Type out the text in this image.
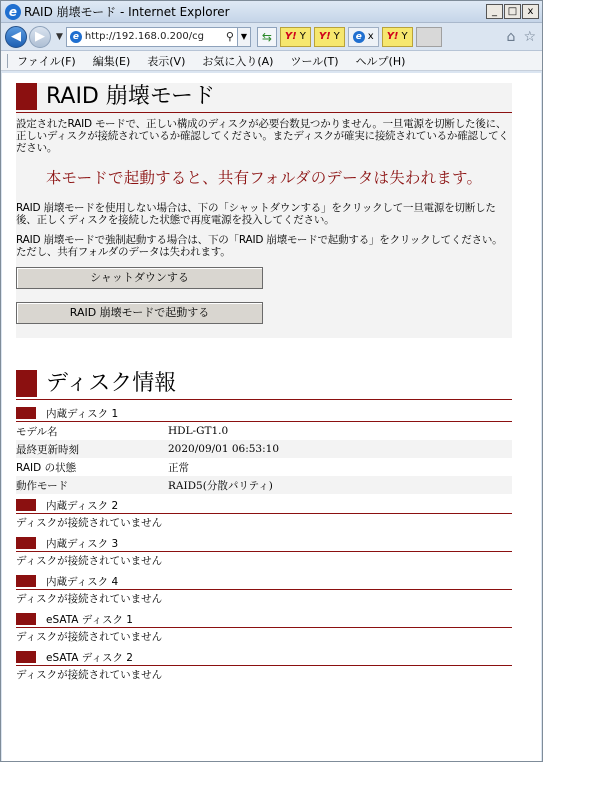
e RAID 崩壊モード - Internet Explorer	_	□	x
◀	▶	▼	e http://192.168.0.200/cg	⚲ ▼	⇆	Y! Y Y! Y	e x Y! Y	⌂ ☆
ファイル(F) 編集(E) 表示(V) お気に入り(A) ツール(T) ヘルプ(H)
RAID 崩壊モード

設定されたRAID モードで、正しい構成のディスクが必要台数見つかりません。一旦電源を切断した後に、正しいディスクが接続されているか確認してください。またディスクが確実に接続されているか確認してください。

本モードで起動すると、共有フォルダのデータは失われます。

RAID 崩壊モードを使用しない場合は、下の「シャットダウンする」をクリックして一旦電源を切断した後、正しくディスクを接続した状態で再度電源を投入してください。

RAID 崩壊モードで強制起動する場合は、下の「RAID 崩壊モードで起動する」をクリックしてください。ただし、共有フォルダのデータは失われます。

シャットダウンする
RAID 崩壊モードで起動する
ディスク情報
内蔵ディスク 1
モデル名	HDL-GT1.0
最終更新時刻	2020/09/01 06:53:10
RAID の状態	正常
動作モード	RAID5(分散パリティ)
内蔵ディスク 2
ディスクが接続されていません
内蔵ディスク 3
ディスクが接続されていません
内蔵ディスク 4
ディスクが接続されていません
eSATA ディスク 1
ディスクが接続されていません
eSATA ディスク 2
ディスクが接続されていません
